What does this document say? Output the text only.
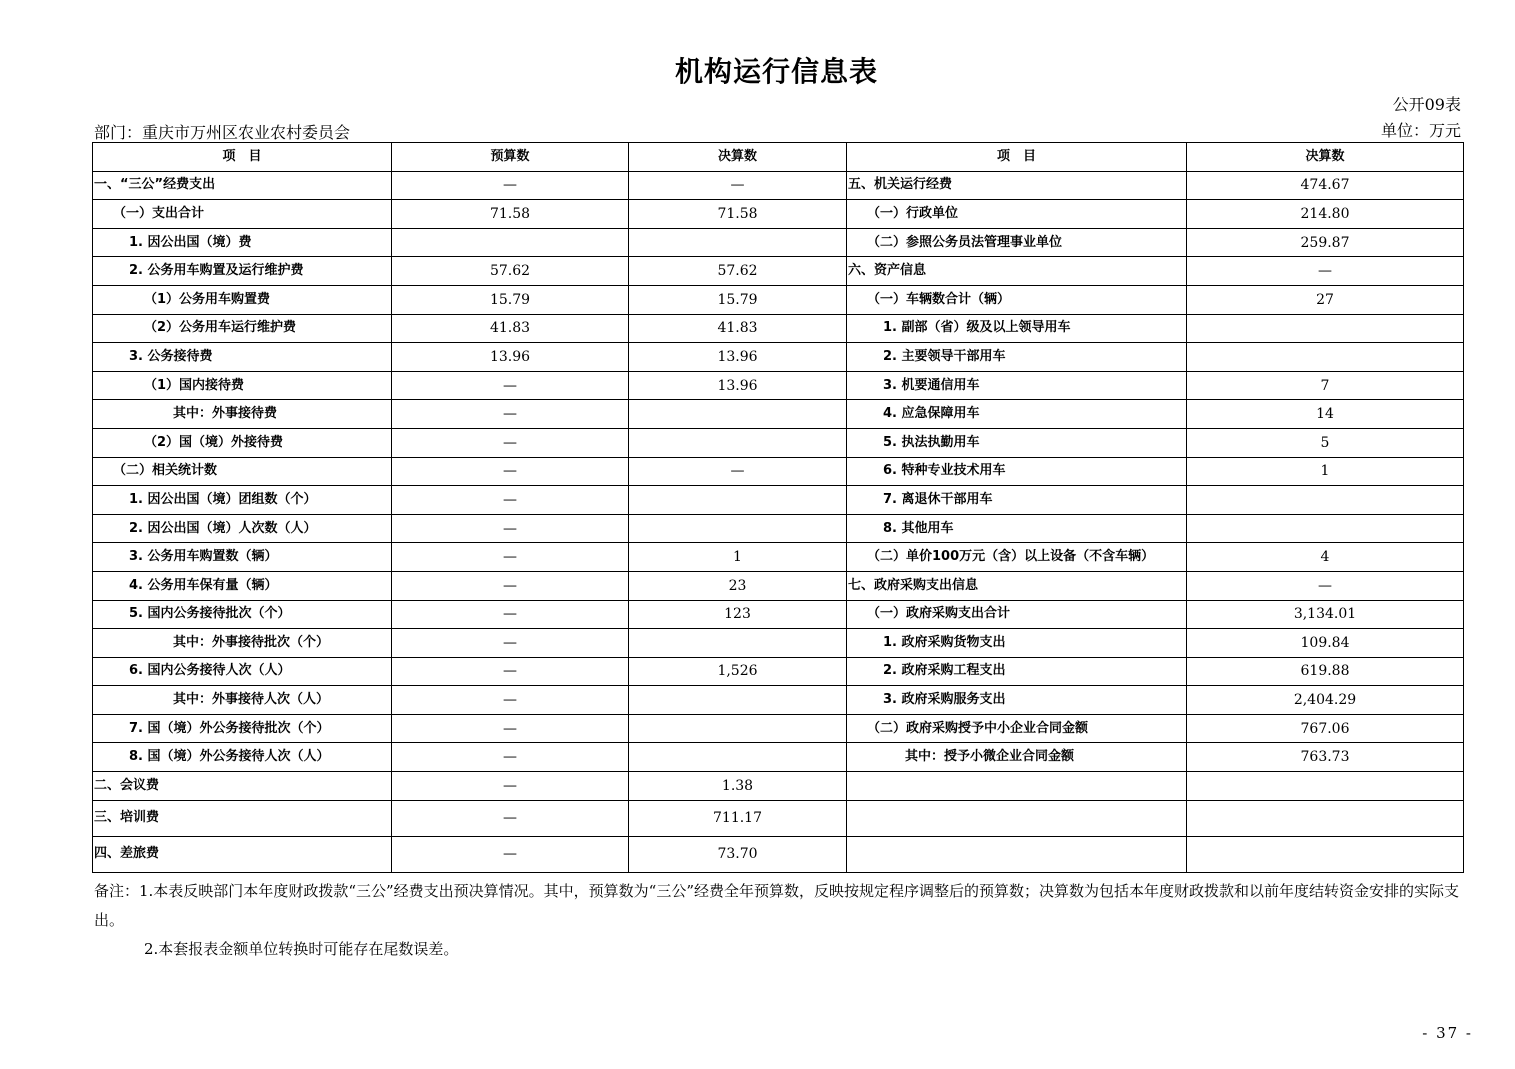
机构运行信息表
公开09表
部门：重庆市万州区农业农村委员会	单位：万元
项　目	预算数	决算数	项　目	决算数
一、“三公”经费支出	—	—	五、机关运行经费	474.67
（一）支出合计	71.58	71.58	（一）行政单位	214.80
1. 因公出国（境）费			（二）参照公务员法管理事业单位	259.87
2. 公务用车购置及运行维护费	57.62	57.62	六、资产信息	—
（1）公务用车购置费	15.79	15.79	（一）车辆数合计（辆）	27
（2）公务用车运行维护费	41.83	41.83	1. 副部（省）级及以上领导用车	
3. 公务接待费	13.96	13.96	2. 主要领导干部用车	
（1）国内接待费	—	13.96	3. 机要通信用车	7
其中：外事接待费	—		4. 应急保障用车	14
（2）国（境）外接待费	—		5. 执法执勤用车	5
（二）相关统计数	—	—	6. 特种专业技术用车	1
1. 因公出国（境）团组数（个）	—		7. 离退休干部用车	
2. 因公出国（境）人次数（人）	—		8. 其他用车	
3. 公务用车购置数（辆）	—	1	（二）单价100万元（含）以上设备（不含车辆）	4
4. 公务用车保有量（辆）	—	23	七、政府采购支出信息	—
5. 国内公务接待批次（个）	—	123	（一）政府采购支出合计	3,134.01
其中：外事接待批次（个）	—		1. 政府采购货物支出	109.84
6. 国内公务接待人次（人）	—	1,526	2. 政府采购工程支出	619.88
其中：外事接待人次（人）	—		3. 政府采购服务支出	2,404.29
7. 国（境）外公务接待批次（个）	—		（二）政府采购授予中小企业合同金额	767.06
8. 国（境）外公务接待人次（人）	—		其中：授予小微企业合同金额	763.73
二、会议费	—	1.38		
三、培训费	—	711.17		
四、差旅费	—	73.70		

备注：1.本表反映部门本年度财政拨款“三公”经费支出预决算情况。其中，预算数为“三公”经费全年预算数，反映按规定程序调整后的预算数；决算数为包括本年度财政拨款和以前年度结转资金安排的实际支出。

2.本套报表金额单位转换时可能存在尾数误差。

- 37 -
